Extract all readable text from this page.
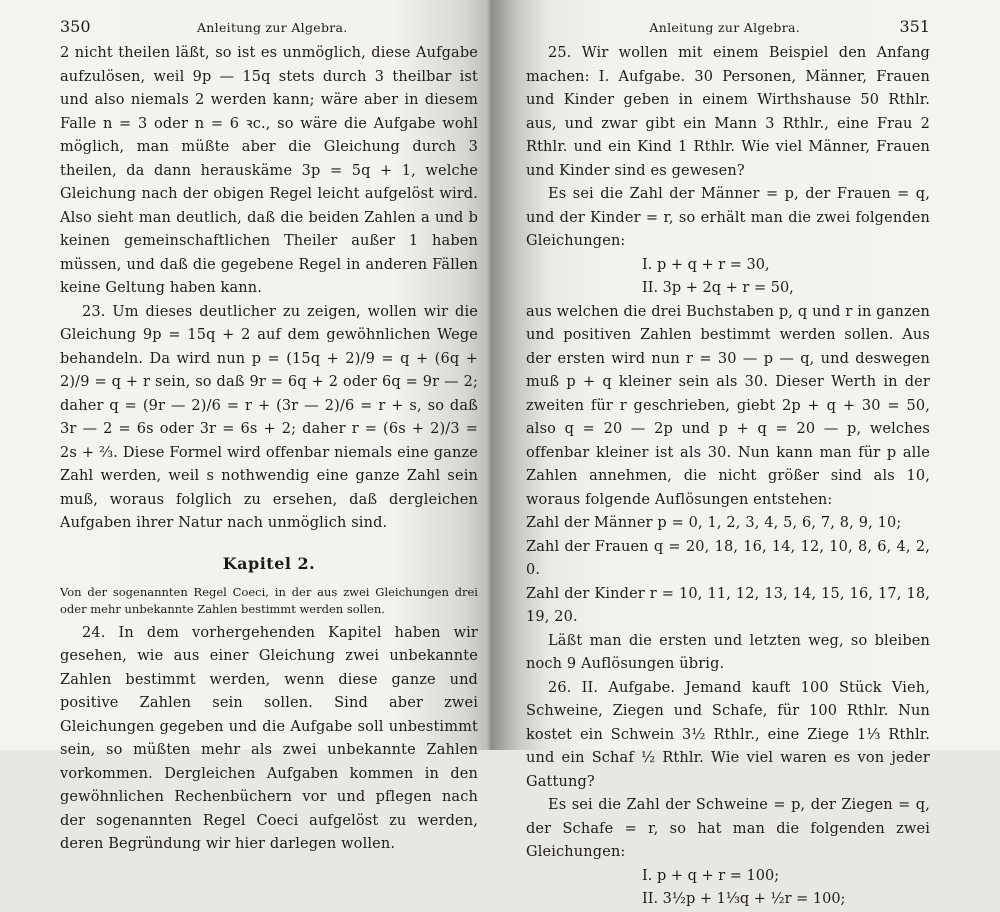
350	Anleitung zur Algebra.

2 nicht theilen läßt, so ist es unmöglich, diese Aufgabe aufzulösen, weil 9p — 15q stets durch 3 theilbar ist und also niemals 2 werden kann; wäre aber in diesem Falle n = 3 oder n = 6 ꝛc., so wäre die Aufgabe wohl möglich, man müßte aber die Gleichung durch 3 theilen, da dann herauskäme 3p = 5q + 1, welche Gleichung nach der obigen Regel leicht aufgelöst wird. Also sieht man deutlich, daß die beiden Zahlen a und b keinen gemeinschaftlichen Theiler außer 1 haben müssen, und daß die gegebene Regel in anderen Fällen keine Geltung haben kann.

23. Um dieses deutlicher zu zeigen, wollen wir die Gleichung 9p = 15q + 2 auf dem gewöhnlichen Wege behandeln. Da wird nun p = (15q + 2)/9 = q + (6q + 2)/9 = q + r sein, so daß 9r = 6q + 2 oder 6q = 9r — 2; daher q = (9r — 2)/6 = r + (3r — 2)/6 = r + s, so daß 3r — 2 = 6s oder 3r = 6s + 2; daher r = (6s + 2)/3 = 2s + ⅔. Diese Formel wird offenbar niemals eine ganze Zahl werden, weil s nothwendig eine ganze Zahl sein muß, woraus folglich zu ersehen, daß dergleichen Aufgaben ihrer Natur nach unmöglich sind.

Kapitel 2.
Von der sogenannten Regel Coeci, in der aus zwei Gleichungen drei oder mehr unbekannte Zahlen bestimmt werden sollen.

24. In dem vorhergehenden Kapitel haben wir gesehen, wie aus einer Gleichung zwei unbekannte Zahlen bestimmt werden, wenn diese ganze und positive Zahlen sein sollen. Sind aber zwei Gleichungen gegeben und die Aufgabe soll unbestimmt sein, so müßten mehr als zwei unbekannte Zahlen vorkommen. Dergleichen Aufgaben kommen in den gewöhnlichen Rechenbüchern vor und pflegen nach der sogenannten Regel Coeci aufgelöst zu werden, deren Begründung wir hier darlegen wollen.

Anleitung zur Algebra.	351

25. Wir wollen mit einem Beispiel den Anfang machen: I. Aufgabe. 30 Personen, Männer, Frauen und Kinder geben in einem Wirthshause 50 Rthlr. aus, und zwar gibt ein Mann 3 Rthlr., eine Frau 2 Rthlr. und ein Kind 1 Rthlr. Wie viel Männer, Frauen und Kinder sind es gewesen?

Es sei die Zahl der Männer = p, der Frauen = q, und der Kinder = r, so erhält man die zwei folgenden Gleichungen:

I. p + q + r = 30,
II. 3p + 2q + r = 50,

aus welchen die drei Buchstaben p, q und r in ganzen und positiven Zahlen bestimmt werden sollen. Aus der ersten wird nun r = 30 — p — q, und deswegen muß p + q kleiner sein als 30. Dieser Werth in der zweiten für r geschrieben, giebt 2p + q + 30 = 50, also q = 20 — 2p und p + q = 20 — p, welches offenbar kleiner ist als 30. Nun kann man für p alle Zahlen annehmen, die nicht größer sind als 10, woraus folgende Auflösungen entstehen:

Zahl der Männer p = 0, 1, 2, 3, 4, 5, 6, 7, 8, 9, 10;

Zahl der Frauen q = 20, 18, 16, 14, 12, 10, 8, 6, 4, 2, 0.

Zahl der Kinder r = 10, 11, 12, 13, 14, 15, 16, 17, 18, 19, 20.

Läßt man die ersten und letzten weg, so bleiben noch 9 Auflösungen übrig.

26. II. Aufgabe. Jemand kauft 100 Stück Vieh, Schweine, Ziegen und Schafe, für 100 Rthlr. Nun kostet ein Schwein 3½ Rthlr., eine Ziege 1⅓ Rthlr. und ein Schaf ½ Rthlr. Wie viel waren es von jeder Gattung?

Es sei die Zahl der Schweine = p, der Ziegen = q, der Schafe = r, so hat man die folgenden zwei Gleichungen:

I. p + q + r = 100;
II. 3½p + 1⅓q + ½r = 100;
